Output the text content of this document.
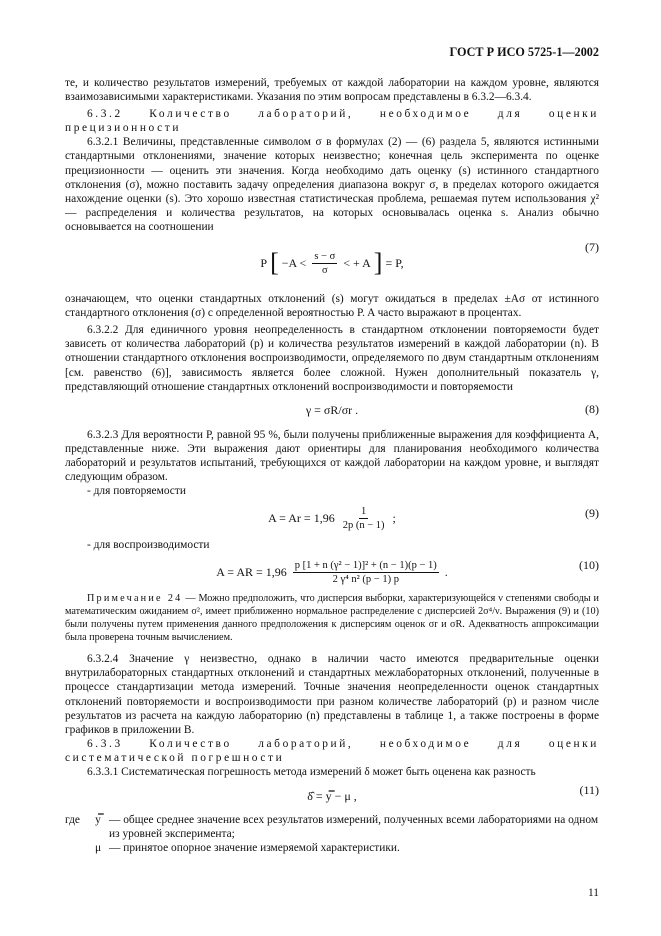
ГОСТ Р ИСО 5725-1—2002

те, и количество результатов измерений, требуемых от каждой лаборатории на каждом уровне, являются взаимозависимыми характеристиками. Указания по этим вопросам представлены в 6.3.2—6.3.4.

6.3.2 Количество лабораторий, необходимое для оценки прецизионности

6.3.2.1 Величины, представленные символом σ в формулах (2) — (6) раздела 5, являются истинными стандартными отклонениями, значение которых неизвестно; конечная цель эксперимента по оценке прецизионности — оценить эти значения. Когда необходимо дать оценку (s) истинного стандартного отклонения (σ), можно поставить задачу определения диапазона вокруг σ, в пределах которого ожидается нахождение оценки (s). Это хорошо известная статистическая проблема, решаемая путем использования χ² — распределения и количества результатов, на которых основывалась оценка s. Анализ обычно основывается на соотношении

P [ $-A < \frac{s - \sigma}{\sigma}$ < + A ] = P,
(7)

означающем, что оценки стандартных отклонений (s) могут ожидаться в пределах ±Aσ от истинного стандартного отклонения (σ) с определенной вероятностью P. A часто выражают в процентах.

6.3.2.2 Для единичного уровня неопределенность в стандартном отклонении повторяемости будет зависеть от количества лабораторий (p) и количества результатов измерений в каждой лаборатории (n). В отношении стандартного отклонения воспроизводимости, определяемого по двум стандартным отклонениям [см. равенство (6)], зависимость является более сложной. Нужен дополнительный показатель γ, представляющий отношение стандартных отклонений воспроизводимости и повторяемости

γ = σR/σr .	(8)

6.3.2.3 Для вероятности P, равной 95 %, были получены приближенные выражения для коэффициента A, представленные ниже. Эти выражения дают ориентиры для планирования необходимого количества лабораторий и результатов испытаний, требующихся от каждой лаборатории на каждом уровне, и выглядят следующим образом.

- для повторяемости

$A = Ar = 1,96 \frac{1}{2p (n - 1)}$ ;	(9)

- для воспроизводимости

A = AR = $1,96 \frac{\text{p [1 + n (γ² − 1)]² + (n − 1)(p − 1)}}{\text{2 γ⁴ n² (p − 1) p}}$ .	(10)

Примечание 24 — Можно предположить, что дисперсия выборки, характеризующейся ν степенями свободы и математическим ожиданием σ², имеет приближенно нормальное распределение с дисперсией 2σ⁴/ν. Выражения (9) и (10) были получены путем применения данного предположения к дисперсиям оценок σr и σR. Адекватность аппроксимации была проверена точным вычислением.

6.3.2.4 Значение γ неизвестно, однако в наличии часто имеются предварительные оценки внутрилабораторных стандартных отклонений и стандартных межлабораторных отклонений, полученные в процессе стандартизации метода измерений. Точные значения неопределенности оценок стандартных отклонений повторяемости и воспроизводимости при разном количестве лабораторий (p) и разном числе результатов из расчета на каждую лабораторию (n) представлены в таблице 1, а также построены в форме графиков в приложении В.

6.3.3 Количество лабораторий, необходимое для оценки систематической погрешности

6.3.3.1 Систематическая погрешность метода измерений δ может быть оценена как разность

δ̂ = y̿ − μ ,	(11)
где	y̿ — общее среднее значение всех результатов измерений, полученных всеми лабораториями на одном из уровней эксперимента;
μ — принятое опорное значение измеряемой характеристики.
11
